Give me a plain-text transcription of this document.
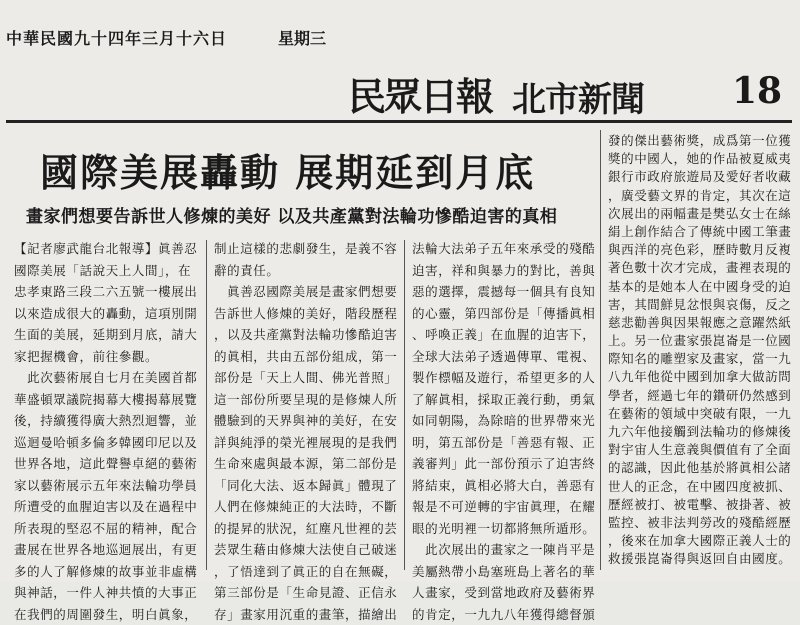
中華民國九十四年三月十六日	星期三
民眾日報 北市新聞 18
國際美展轟動 展期延到月底
畫家們想要告訴世人修煉的美好 以及共產黨對法輪功慘酷迫害的真相
【記者廖武龍台北報導】眞善忍
國際美展「話說天上人間」，在
忠孝東路三段二六五號一樓展出
以來造成很大的轟動，這項別開
生面的美展，延期到月底，請大
家把握機會，前往參觀。
　此次藝術展自七月在美國首都
華盛頓眾議院揭幕大樓揭幕展覽
後，持續獲得廣大熱烈迴響，並
巡迴曼哈頓多倫多韓國印尼以及
世界各地，這此聲譽卓絕的藝術
家以藝術展示五年來法輪功學員
所遭受的血腥迫害以及在過程中
所表現的堅忍不屈的精神，配合
畫展在世界各地巡迴展出，有更
多的人了解修煉的故事並非虛構
與神話，一件人神共憤的大事正
在我們的周圍發生，明白眞象，
制止這樣的悲劇發生，是義不容
辭的責任。
　眞善忍國際美展是畫家們想要
告訴世人修煉的美好，階段歷程
，以及共產黨對法輪功慘酷迫害
的眞相，共由五部份組成，第一
部份是「天上人間、佛光普照」
這一部份所要呈現的是修煉人所
體驗到的天界與神的美好，在安
詳與純淨的榮光裡展現的是我們
生命來處與最本源，第二部份是
「同化大法、返本歸眞」體現了
人們在修煉純正的大法時，不斷
的提昇的狀況，紅塵凡世裡的芸
芸眾生藉由修煉大法使自己破迷
，了悟達到了眞正的自在無礙，
第三部份是「生命見證、正信永
存」畫家用沉重的畫筆，描繪出
法輪大法弟子五年來承受的殘酷
迫害，祥和與暴力的對比，善與
惡的選擇，震撼每一個具有良知
的心靈，第四部份是「傳播眞相
、呼喚正義」在血腥的迫害下，
全球大法弟子透過傳單、電視、
製作標幅及遊行，希望更多的人
了解眞相，採取正義行動，勇氣
如同朝陽，為除暗的世界帶來光
明，第五部份是「善惡有報、正
義審判」此一部份預示了迫害終
將結束，眞相必將大白，善惡有
報是不可逆轉的宇宙眞理，在耀
眼的光明裡一切都將無所遁形。
　此次展出的畫家之一陳肖平是
美屬熱帶小島塞班島上著名的華
人畫家，受到當地政府及藝術界
的肯定，一九九八年獲得總督頒
發的傑出藝術獎，成爲第一位獲
獎的中國人，她的作品被夏威夷
銀行市政府旅遊局及愛好者收藏
，廣受藝文界的肯定，其次在這
次展出的兩幅畫是樊弘女士在絲
絹上創作結合了傳統中國工筆畫
與西洋的亮色彩，歷時數月反複
著色數十次才完成，畫裡表現的
基本的是她本人在中國身受的迫
害，其間鮮見忿恨與哀傷，反之
慈悲勸善與因果報應之意躍然紙
上。另一位畫家張崑崙是一位國
際知名的雕塑家及畫家，當一九
八九年他從中國到加拿大做訪問
學者，經過七年的鑽研仍然感到
在藝術的領域中突破有限，一九
九六年他接觸到法輪功的修煉後
對宇宙人生意義與價值有了全面
的認識，因此他基於將眞相公諸
世人的正念，在中國四度被抓、
歷經被打、被電擊、被掛著、被
監控、被非法判勞改的殘酷經歷
，後來在加拿大國際正義人士的
救援張崑崙得與返回自由國度。
